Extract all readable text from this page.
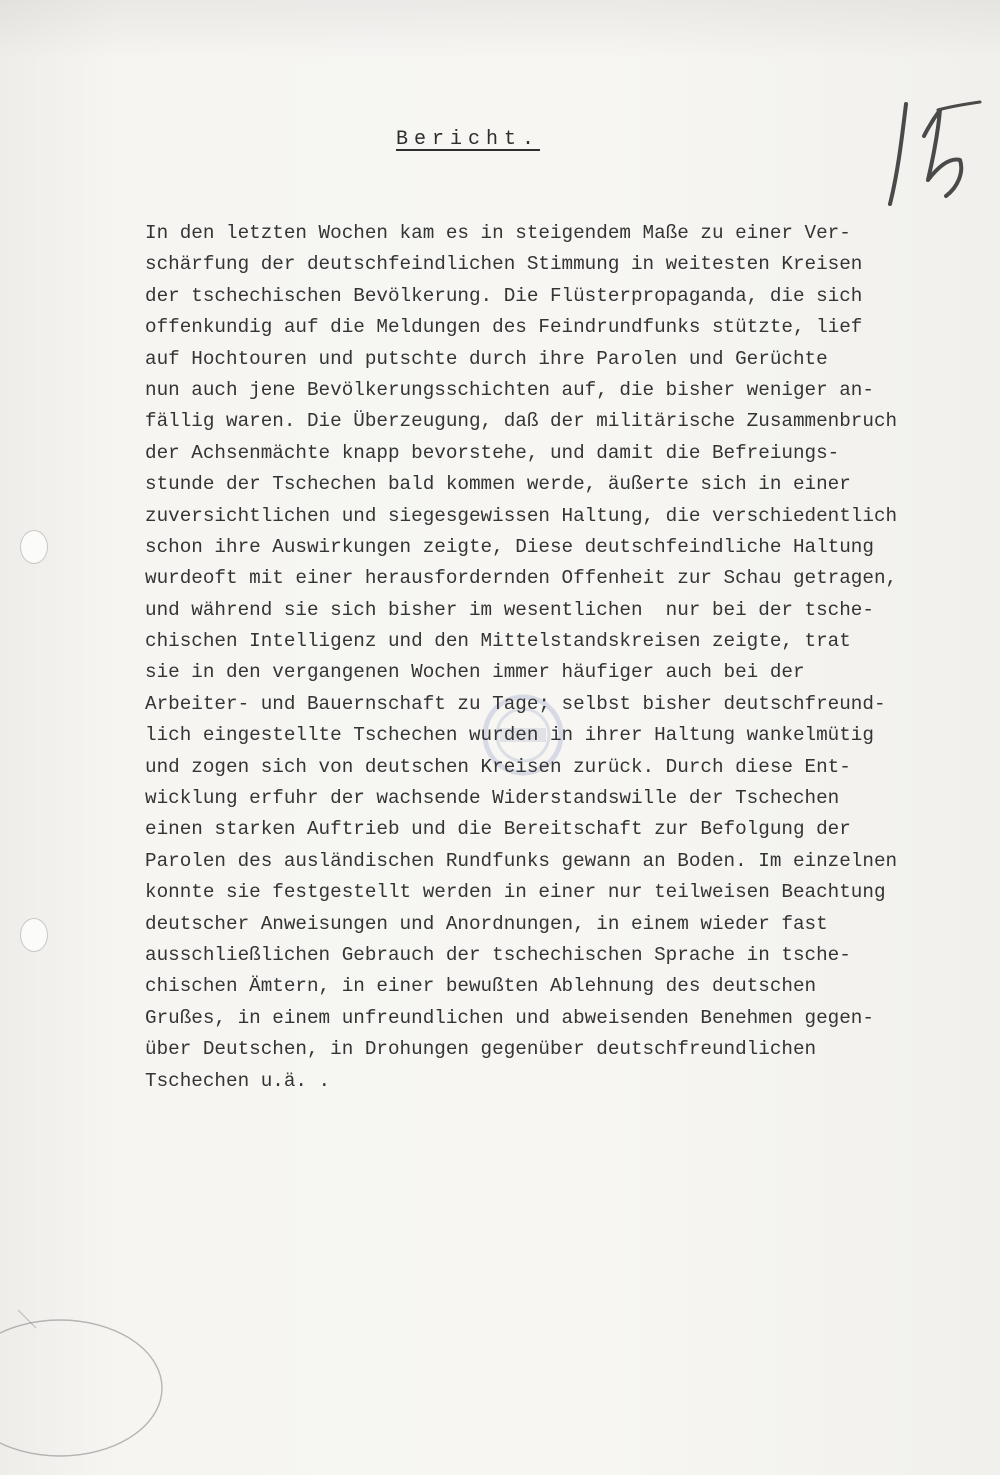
Bericht.
In den letzten Wochen kam es in steigendem Maße zu einer Ver-
schärfung der deutschfeindlichen Stimmung in weitesten Kreisen
der tschechischen Bevölkerung. Die Flüsterpropaganda, die sich
offenkundig auf die Meldungen des Feindrundfunks stützte, lief
auf Hochtouren und putschte durch ihre Parolen und Gerüchte
nun auch jene Bevölkerungsschichten auf, die bisher weniger an-
fällig waren. Die Überzeugung, daß der militärische Zusammenbruch
der Achsenmächte knapp bevorstehe, und damit die Befreiungs-
stunde der Tschechen bald kommen werde, äußerte sich in einer
zuversichtlichen und siegesgewissen Haltung, die verschiedentlich
schon ihre Auswirkungen zeigte, Diese deutschfeindliche Haltung
wurdeoft mit einer herausfordernden Offenheit zur Schau getragen,
und während sie sich bisher im wesentlichen  nur bei der tsche-
chischen Intelligenz und den Mittelstandskreisen zeigte, trat
sie in den vergangenen Wochen immer häufiger auch bei der
Arbeiter- und Bauernschaft zu Tage; selbst bisher deutschfreund-
lich eingestellte Tschechen wurden in ihrer Haltung wankelmütig
und zogen sich von deutschen Kreisen zurück. Durch diese Ent-
wicklung erfuhr der wachsende Widerstandswille der Tschechen
einen starken Auftrieb und die Bereitschaft zur Befolgung der
Parolen des ausländischen Rundfunks gewann an Boden. Im einzelnen
konnte sie festgestellt werden in einer nur teilweisen Beachtung
deutscher Anweisungen und Anordnungen, in einem wieder fast
ausschließlichen Gebrauch der tschechischen Sprache in tsche-
chischen Ämtern, in einer bewußten Ablehnung des deutschen
Grußes, in einem unfreundlichen und abweisenden Benehmen gegen-
über Deutschen, in Drohungen gegenüber deutschfreundlichen
Tschechen u.ä. .
